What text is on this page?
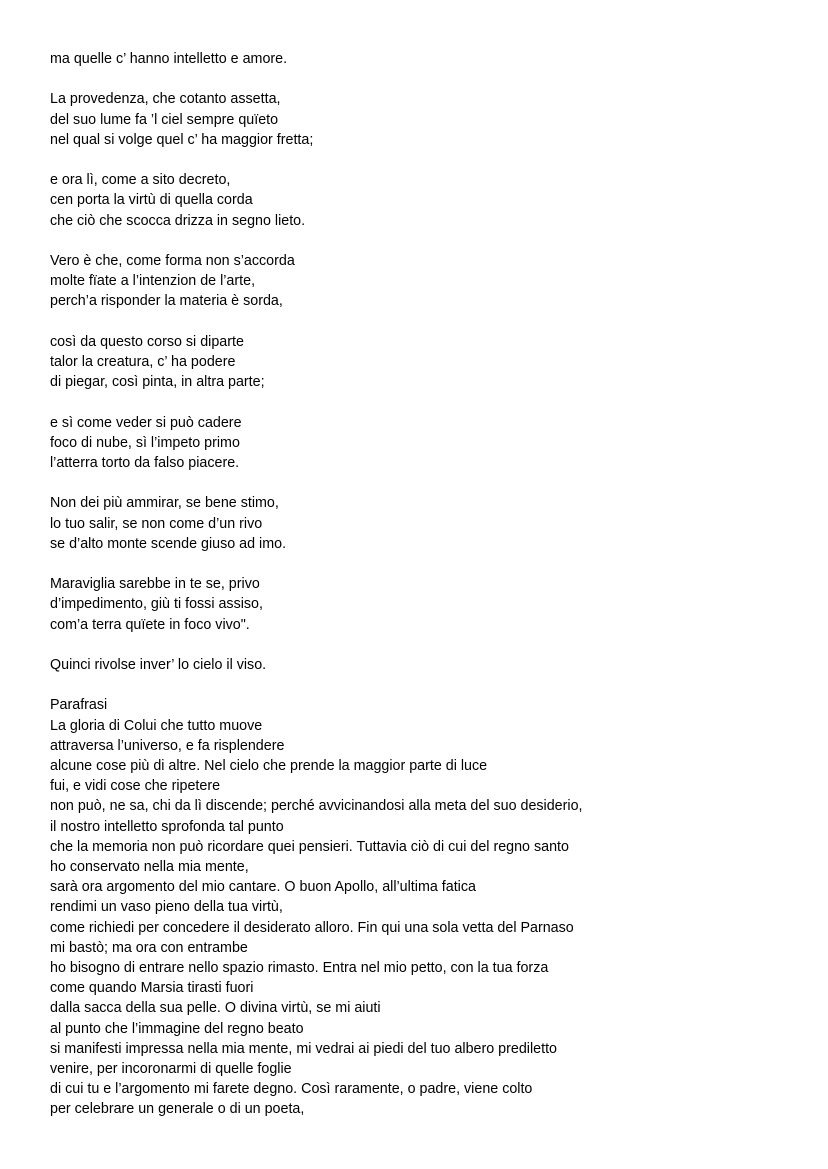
ma quelle c’ hanno intelletto e amore.
La provedenza, che cotanto assetta,
del suo lume fa ’l ciel sempre quïeto
nel qual si volge quel c’ ha maggior fretta;
e ora lì, come a sito decreto,
cen porta la virtù di quella corda
che ciò che scocca drizza in segno lieto.
Vero è che, come forma non s’accorda
molte fïate a l’intenzion de l’arte,
perch’a risponder la materia è sorda,
così da questo corso si diparte
talor la creatura, c’ ha podere
di piegar, così pinta, in altra parte;
e sì come veder si può cadere
foco di nube, sì l’impeto primo
l’atterra torto da falso piacere.
Non dei più ammirar, se bene stimo,
lo tuo salir, se non come d’un rivo
se d’alto monte scende giuso ad imo.
Maraviglia sarebbe in te se, privo
d’impedimento, giù ti fossi assiso,
com’a terra quïete in foco vivo".
Quinci rivolse inver’ lo cielo il viso.
Parafrasi
La gloria di Colui che tutto muove
attraversa l’universo, e fa risplendere
alcune cose più di altre. Nel cielo che prende la maggior parte di luce
fui, e vidi cose che ripetere
non può, ne sa, chi da lì discende; perché avvicinandosi alla meta del suo desiderio,
il nostro intelletto sprofonda tal punto
che la memoria non può ricordare quei pensieri. Tuttavia ciò di cui del regno santo
ho conservato nella mia mente,
sarà ora argomento del mio cantare. O buon Apollo, all’ultima fatica
rendimi un vaso pieno della tua virtù,
come richiedi per concedere il desiderato alloro. Fin qui una sola vetta del Parnaso
mi bastò; ma ora con entrambe
ho bisogno di entrare nello spazio rimasto. Entra nel mio petto, con la tua forza
come quando Marsia tirasti fuori
dalla sacca della sua pelle. O divina virtù, se mi aiuti
al punto che l’immagine del regno beato
si manifesti impressa nella mia mente, mi vedrai ai piedi del tuo albero prediletto
venire, per incoronarmi di quelle foglie
di cui tu e l’argomento mi farete degno. Così raramente, o padre, viene colto
per celebrare un generale o di un poeta,
